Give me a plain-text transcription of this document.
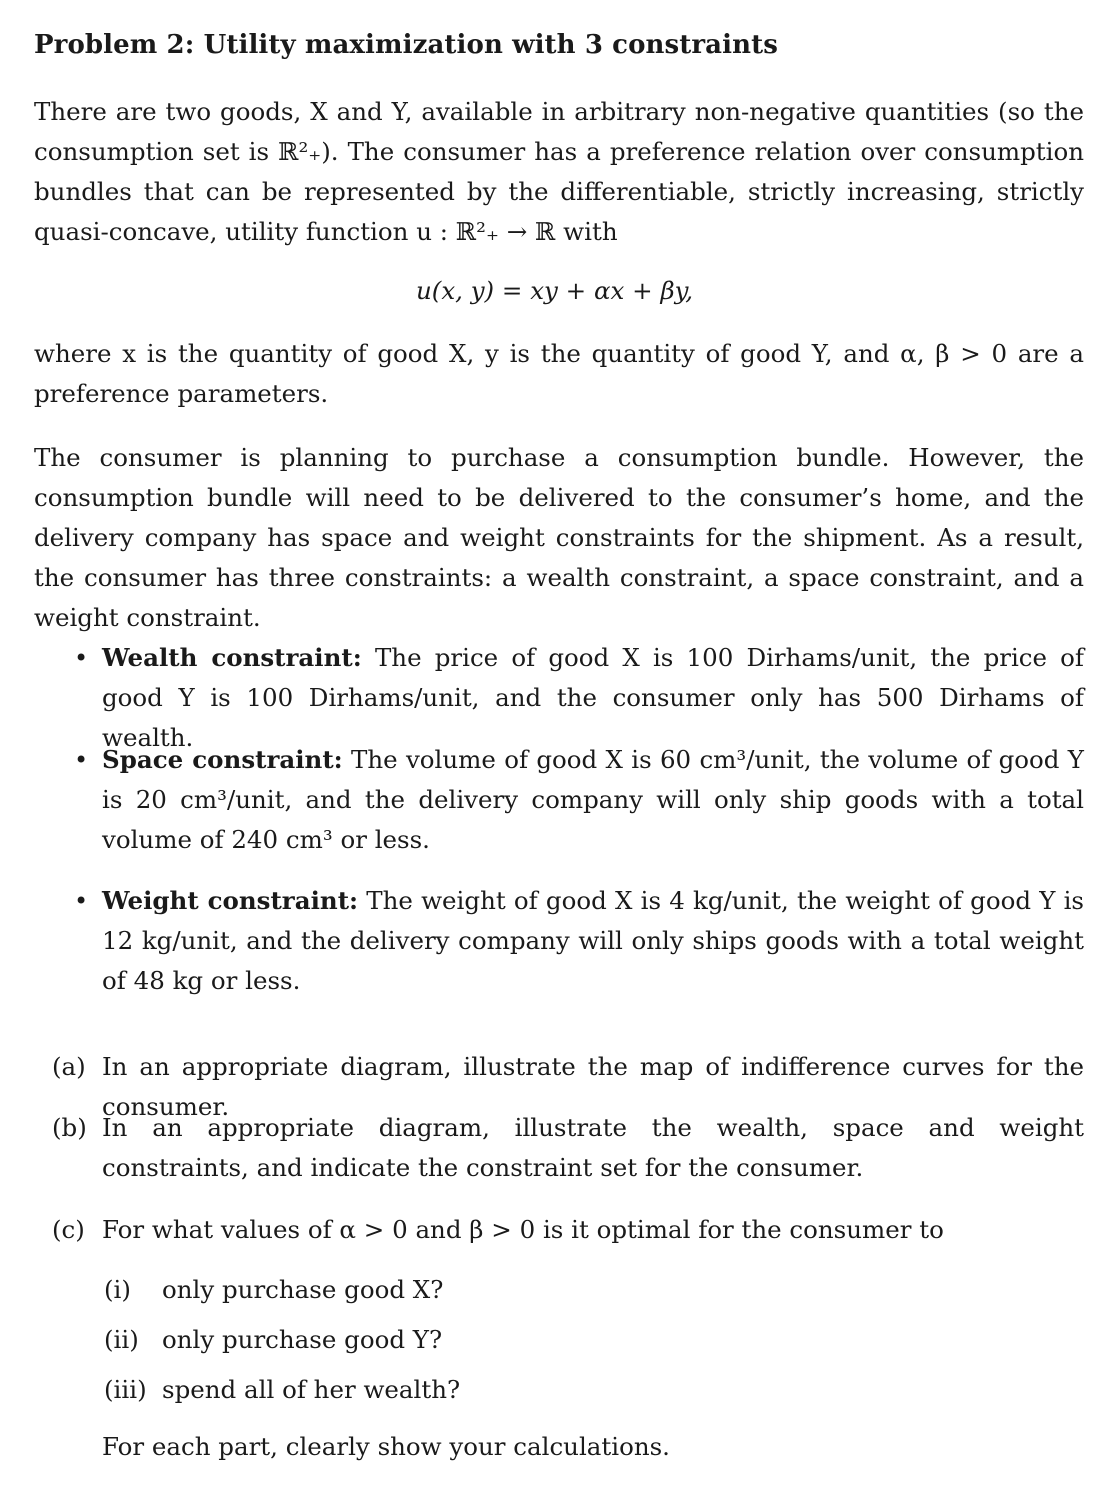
Problem 2: Utility maximization with 3 constraints
There are two goods, X and Y, available in arbitrary non-negative quantities (so the consumption set is ℝ²₊). The consumer has a preference relation over consumption bundles that can be represented by the differentiable, strictly increasing, strictly quasi-concave, utility function u : ℝ²₊ → ℝ with
u(x, y) = xy + αx + βy,
where x is the quantity of good X, y is the quantity of good Y, and α, β > 0 are a preference parameters.
The consumer is planning to purchase a consumption bundle. However, the consumption bundle will need to be delivered to the consumer’s home, and the delivery company has space and weight constraints for the shipment. As a result, the consumer has three constraints: a wealth constraint, a space constraint, and a weight constraint.
• Wealth constraint: The price of good X is 100 Dirhams/unit, the price of good Y is 100 Dirhams/unit, and the consumer only has 500 Dirhams of wealth.
• Space constraint: The volume of good X is 60 cm³/unit, the volume of good Y is 20 cm³/unit, and the delivery company will only ship goods with a total volume of 240 cm³ or less.
• Weight constraint: The weight of good X is 4 kg/unit, the weight of good Y is 12 kg/unit, and the delivery company will only ships goods with a total weight of 48 kg or less.
(a) In an appropriate diagram, illustrate the map of indifference curves for the consumer.
(b) In an appropriate diagram, illustrate the wealth, space and weight constraints, and indicate the constraint set for the consumer.
(c) For what values of α > 0 and β > 0 is it optimal for the consumer to
(i)	only purchase good X?
(ii) only purchase good Y?
(iii) spend all of her wealth?
For each part, clearly show your calculations.
